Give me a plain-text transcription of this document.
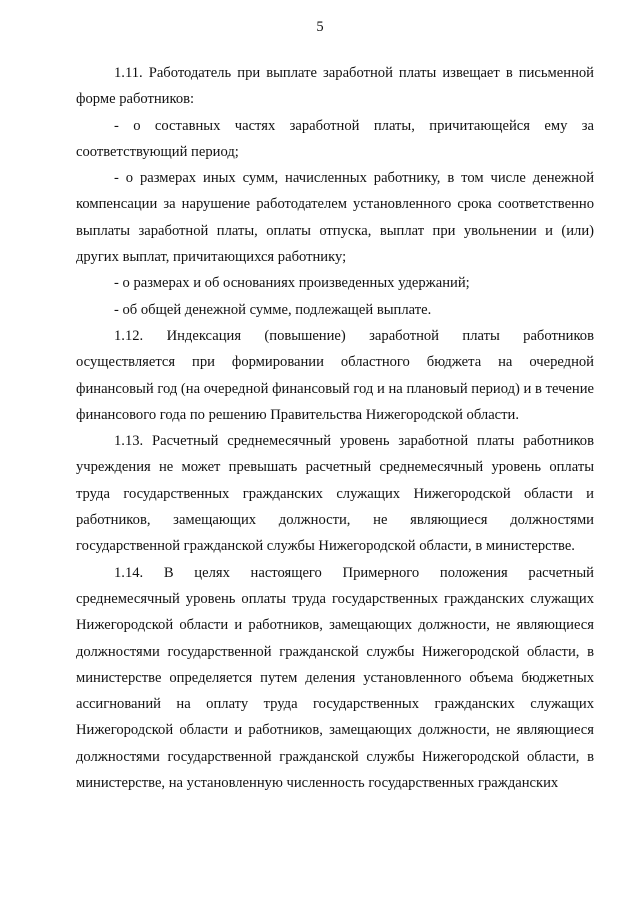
5

1.11. Работодатель при выплате заработной платы извещает в письменной форме работников:

- о составных частях заработной платы, причитающейся ему за соответствующий период;

- о размерах иных сумм, начисленных работнику, в том числе денежной компенсации за нарушение работодателем установленного срока соответственно выплаты заработной платы, оплаты отпуска, выплат при увольнении и (или) других выплат, причитающихся работнику;

- о размерах и об основаниях произведенных удержаний;

- об общей денежной сумме, подлежащей выплате.

1.12. Индексация (повышение) заработной платы работников осуществляется при формировании областного бюджета на очередной финансовый год (на очередной финансовый год и на плановый период) и в течение финансового года по решению Правительства Нижегородской области.

1.13. Расчетный среднемесячный уровень заработной платы работников учреждения не может превышать расчетный среднемесячный уровень оплаты труда государственных гражданских служащих Нижегородской области и работников, замещающих должности, не являющиеся должностями государственной гражданской службы Нижегородской области, в министерстве.

1.14. В целях настоящего Примерного положения расчетный среднемесячный уровень оплаты труда государственных гражданских служащих Нижегородской области и работников, замещающих должности, не являющиеся должностями государственной гражданской службы Нижегородской области, в министерстве определяется путем деления установленного объема бюджетных ассигнований на оплату труда государственных гражданских служащих Нижегородской области и работников, замещающих должности, не являющиеся должностями государственной гражданской службы Нижегородской области, в министерстве, на установленную численность государственных гражданских
